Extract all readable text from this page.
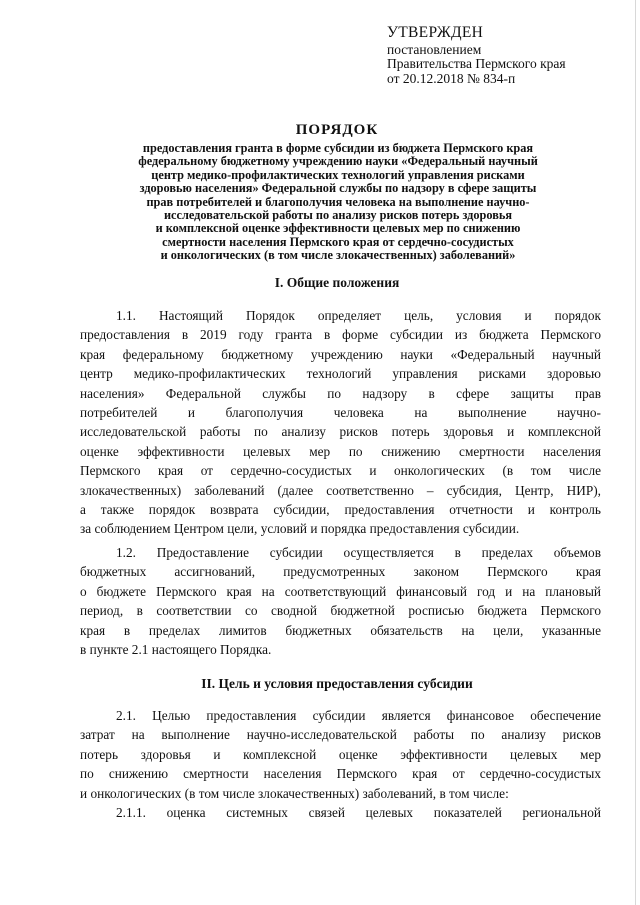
УТВЕРЖДЕН
постановлением
Правительства Пермского края
от 20.12.2018 № 834-п
ПОРЯДОК
предоставления гранта в форме субсидии из бюджета Пермского края
федеральному бюджетному учреждению науки «Федеральный научный
центр медико-профилактических технологий управления рисками
здоровью населения» Федеральной службы по надзору в сфере защиты
прав потребителей и благополучия человека на выполнение научно-
исследовательской работы по анализу рисков потерь здоровья
и комплексной оценке эффективности целевых мер по снижению
смертности населения Пермского края от сердечно-сосудистых
и онкологических (в том числе злокачественных) заболеваний»
I. Общие положения
1.1. Настоящий Порядок определяет цель, условия и порядок
предоставления в 2019 году гранта в форме субсидии из бюджета Пермского
края федеральному бюджетному учреждению науки «Федеральный научный
центр медико-профилактических технологий управления рисками здоровью
населения» Федеральной службы по надзору в сфере защиты прав
потребителей и благополучия человека на выполнение научно-
исследовательской работы по анализу рисков потерь здоровья и комплексной
оценке эффективности целевых мер по снижению смертности населения
Пермского края от сердечно-сосудистых и онкологических (в том числе
злокачественных) заболеваний (далее соответственно – субсидия, Центр, НИР),
а также порядок возврата субсидии, предоставления отчетности и контроль
за соблюдением Центром цели, условий и порядка предоставления субсидии.
1.2. Предоставление субсидии осуществляется в пределах объемов
бюджетных ассигнований, предусмотренных законом Пермского края
о бюджете Пермского края на соответствующий финансовый год и на плановый
период, в соответствии со сводной бюджетной росписью бюджета Пермского
края в пределах лимитов бюджетных обязательств на цели, указанные
в пункте 2.1 настоящего Порядка.
II. Цель и условия предоставления субсидии
2.1. Целью предоставления субсидии является финансовое обеспечение
затрат на выполнение научно-исследовательской работы по анализу рисков
потерь здоровья и комплексной оценке эффективности целевых мер
по снижению смертности населения Пермского края от сердечно-сосудистых
и онкологических (в том числе злокачественных) заболеваний, в том числе:
2.1.1. оценка системных связей целевых показателей региональной
